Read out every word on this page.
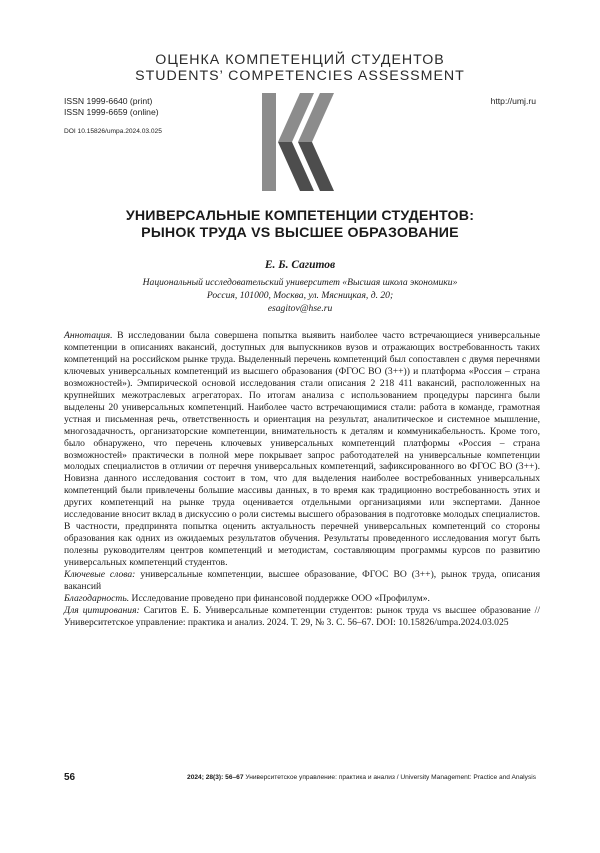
ОЦЕНКА КОМПЕТЕНЦИЙ СТУДЕНТОВ
STUDENTS’ COMPETENCIES ASSESSMENT
ISSN 1999-6640 (print)
ISSN 1999-6659 (online)
DOI 10.15826/umpa.2024.03.025
http://umj.ru
УНИВЕРСАЛЬНЫЕ КОМПЕТЕНЦИИ СТУДЕНТОВ:
РЫНОК ТРУДА VS ВЫСШЕЕ ОБРАЗОВАНИЕ
Е. Б. Сагитов
Национальный исследовательский университет «Высшая школа экономики»
Россия, 101000, Москва, ул. Мясницкая, д. 20;
esagitov@hse.ru

Аннотация. В исследовании была совершена попытка выявить наиболее часто встречающиеся универсальные компетенции в описаниях вакансий, доступных для выпускников вузов и отражающих востребованность таких компетенций на российском рынке труда. Выделенный перечень компетенций был сопоставлен с двумя перечнями ключевых универсальных компетенций из высшего образования (ФГОС ВО (3++)) и платформа «Россия – страна возможностей»). Эмпирической основой исследования стали описания 2 218 411 вакансий, расположенных на крупнейших межотраслевых агрегаторах. По итогам анализа с использованием процедуры парсинга были выделены 20 универсальных компетенций. Наиболее часто встречающимися стали: работа в команде, грамотная устная и письменная речь, ответственность и ориентация на результат, аналитическое и системное мышление, многозадачность, организаторские компетенции, внимательность к деталям и коммуникабельность. Кроме того, было обнаружено, что перечень ключевых универсальных компетенций платформы «Россия – страна возможностей» практически в полной мере покрывает запрос работодателей на универсальные компетенции молодых специалистов в отличии от перечня универсальных компетенций, зафиксированного во ФГОС ВО (3++). Новизна данного исследования состоит в том, что для выделения наиболее востребованных универсальных компетенций были привлечены большие массивы данных, в то время как традиционно востребованность этих и других компетенций на рынке труда оценивается отдельными организациями или экспертами. Данное исследование вносит вклад в дискуссию о роли системы высшего образования в подготовке молодых специалистов. В частности, предпринята попытка оценить актуальность перечней универсальных компетенций со стороны образования как одних из ожидаемых результатов обучения. Результаты проведенного исследования могут быть полезны руководителям центров компетенций и методистам, составляющим программы курсов по развитию универсальных компетенций студентов.

Ключевые слова: универсальные компетенции, высшее образование, ФГОС ВО (3++), рынок труда, описания вакансий

Благодарность. Исследование проведено при финансовой поддержке ООО «Профилум».

Для цитирования: Сагитов Е. Б. Универсальные компетенции студентов: рынок труда vs высшее образование // Университетское управление: практика и анализ. 2024. Т. 29, № 3. С. 56–67. DOI: 10.15826/umpa.2024.03.025

56	2024; 28(3): 56–67 Университетское управление: практика и анализ / University Management: Practice and Analysis
